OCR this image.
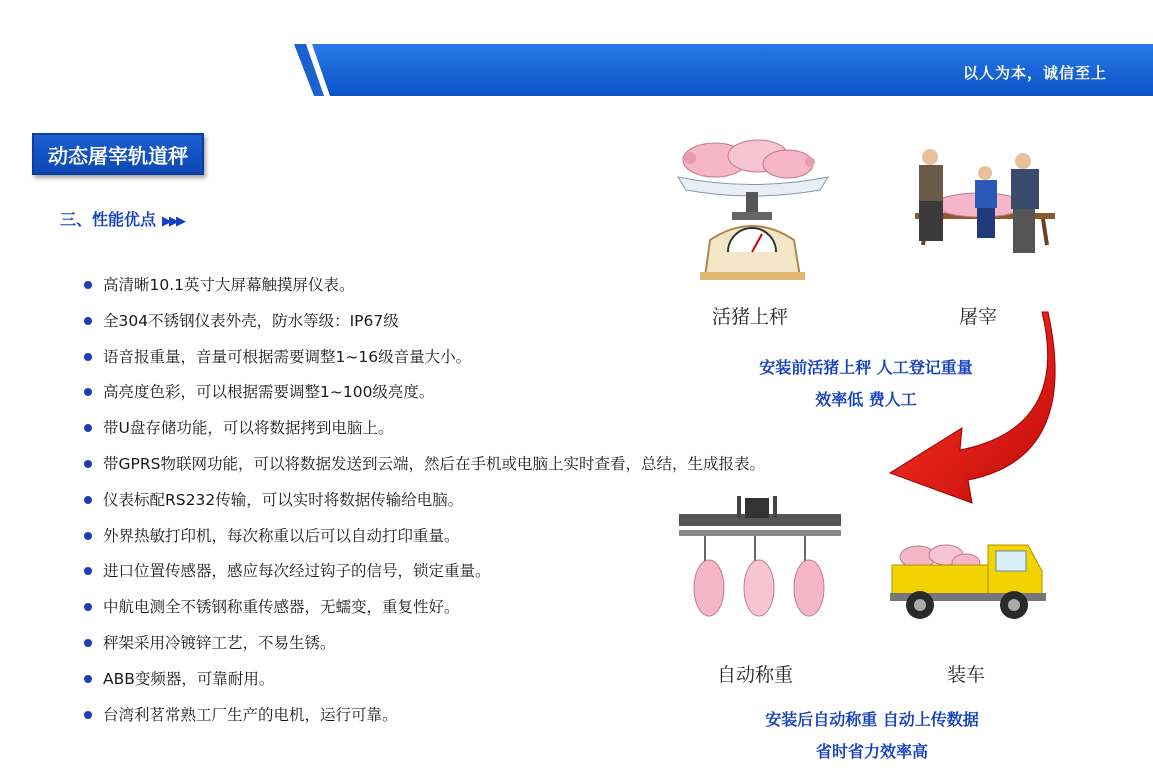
以人为本，诚信至上
动态屠宰轨道秤
三、性能优点 ▶▶▶
高清晰10.1英寸大屏幕触摸屏仪表。
全304不锈钢仪表外壳，防水等级：IP67级
语音报重量，音量可根据需要调整1~16级音量大小。
高亮度色彩，可以根据需要调整1~100级亮度。
带U盘存储功能，可以将数据拷到电脑上。
带GPRS物联网功能，可以将数据发送到云端，然后在手机或电脑上实时查看，总结，生成报表。
仪表标配RS232传输，可以实时将数据传输给电脑。
外界热敏打印机，每次称重以后可以自动打印重量。
进口位置传感器，感应每次经过钩子的信号，锁定重量。
中航电测全不锈钢称重传感器，无蠕变，重复性好。
秤架采用冷镀锌工艺，不易生锈。
ABB变频器，可靠耐用。
台湾利茗常熟工厂生产的电机，运行可靠。
活猪上秤	屠宰
安装前活猪上秤 人工登记重量
效率低 费人工
自动称重	装车
安装后自动称重 自动上传数据
省时省力效率高
